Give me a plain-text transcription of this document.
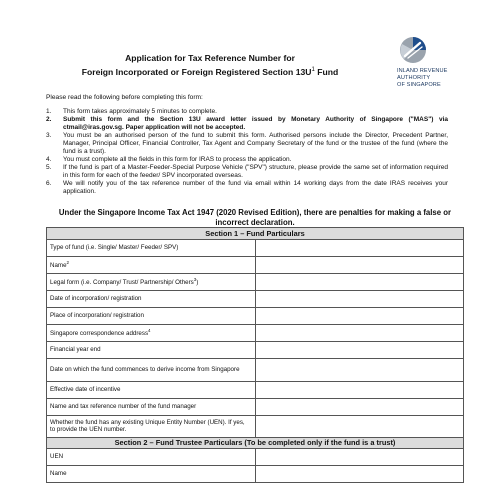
Application for Tax Reference Number for
Foreign Incorporated or Foreign Registered Section $13U^1$ Fund	INLAND REVENUE
AUTHORITY
OF SINGAPORE
Please read the following before completing this form:
1. This form takes approximately 5 minutes to complete.
2. Submit this form and the Section 13U award letter issued by Monetary Authority of Singapore ("MAS") via ctmail@iras.gov.sg. Paper application will not be accepted.
3. You must be an authorised person of the fund to submit this form. Authorised persons include the Director, Precedent Partner, Manager, Principal Officer, Financial Controller, Tax Agent and Company Secretary of the fund or the trustee of the fund (where the fund is a trust).
4. You must complete all the fields in this form for IRAS to process the application.
5. If the fund is part of a Master-Feeder-Special Purpose Vehicle ("SPV") structure, please provide the same set of information required in this form for each of the feeder/ SPV incorporated overseas.
6. We will notify you of the tax reference number of the fund via email within 14 working days from the date IRAS receives your application.
Under the Singapore Income Tax Act 1947 (2020 Revised Edition), there are penalties for making a false or incorrect declaration.
Section 1 – Fund Particulars	
Type of fund (i.e. Single/ Master/ Feeder/ SPV)	
Name$^2$	
Legal form (i.e. Company/ Trust/ Partnership/ Others$^3$)	
Date of incorporation/ registration	
Place of incorporation/ registration	
Singapore correspondence address$^4$	
Financial year end	
Date on which the fund commences to derive income from Singapore	
Effective date of incentive	
Name and tax reference number of the fund manager	
Whether the fund has any existing Unique Entity Number (UEN). If yes, to provide the UEN number.	
Section 2 – Fund Trustee Particulars (To be completed only if the fund is a trust)	
UEN	
Name	
